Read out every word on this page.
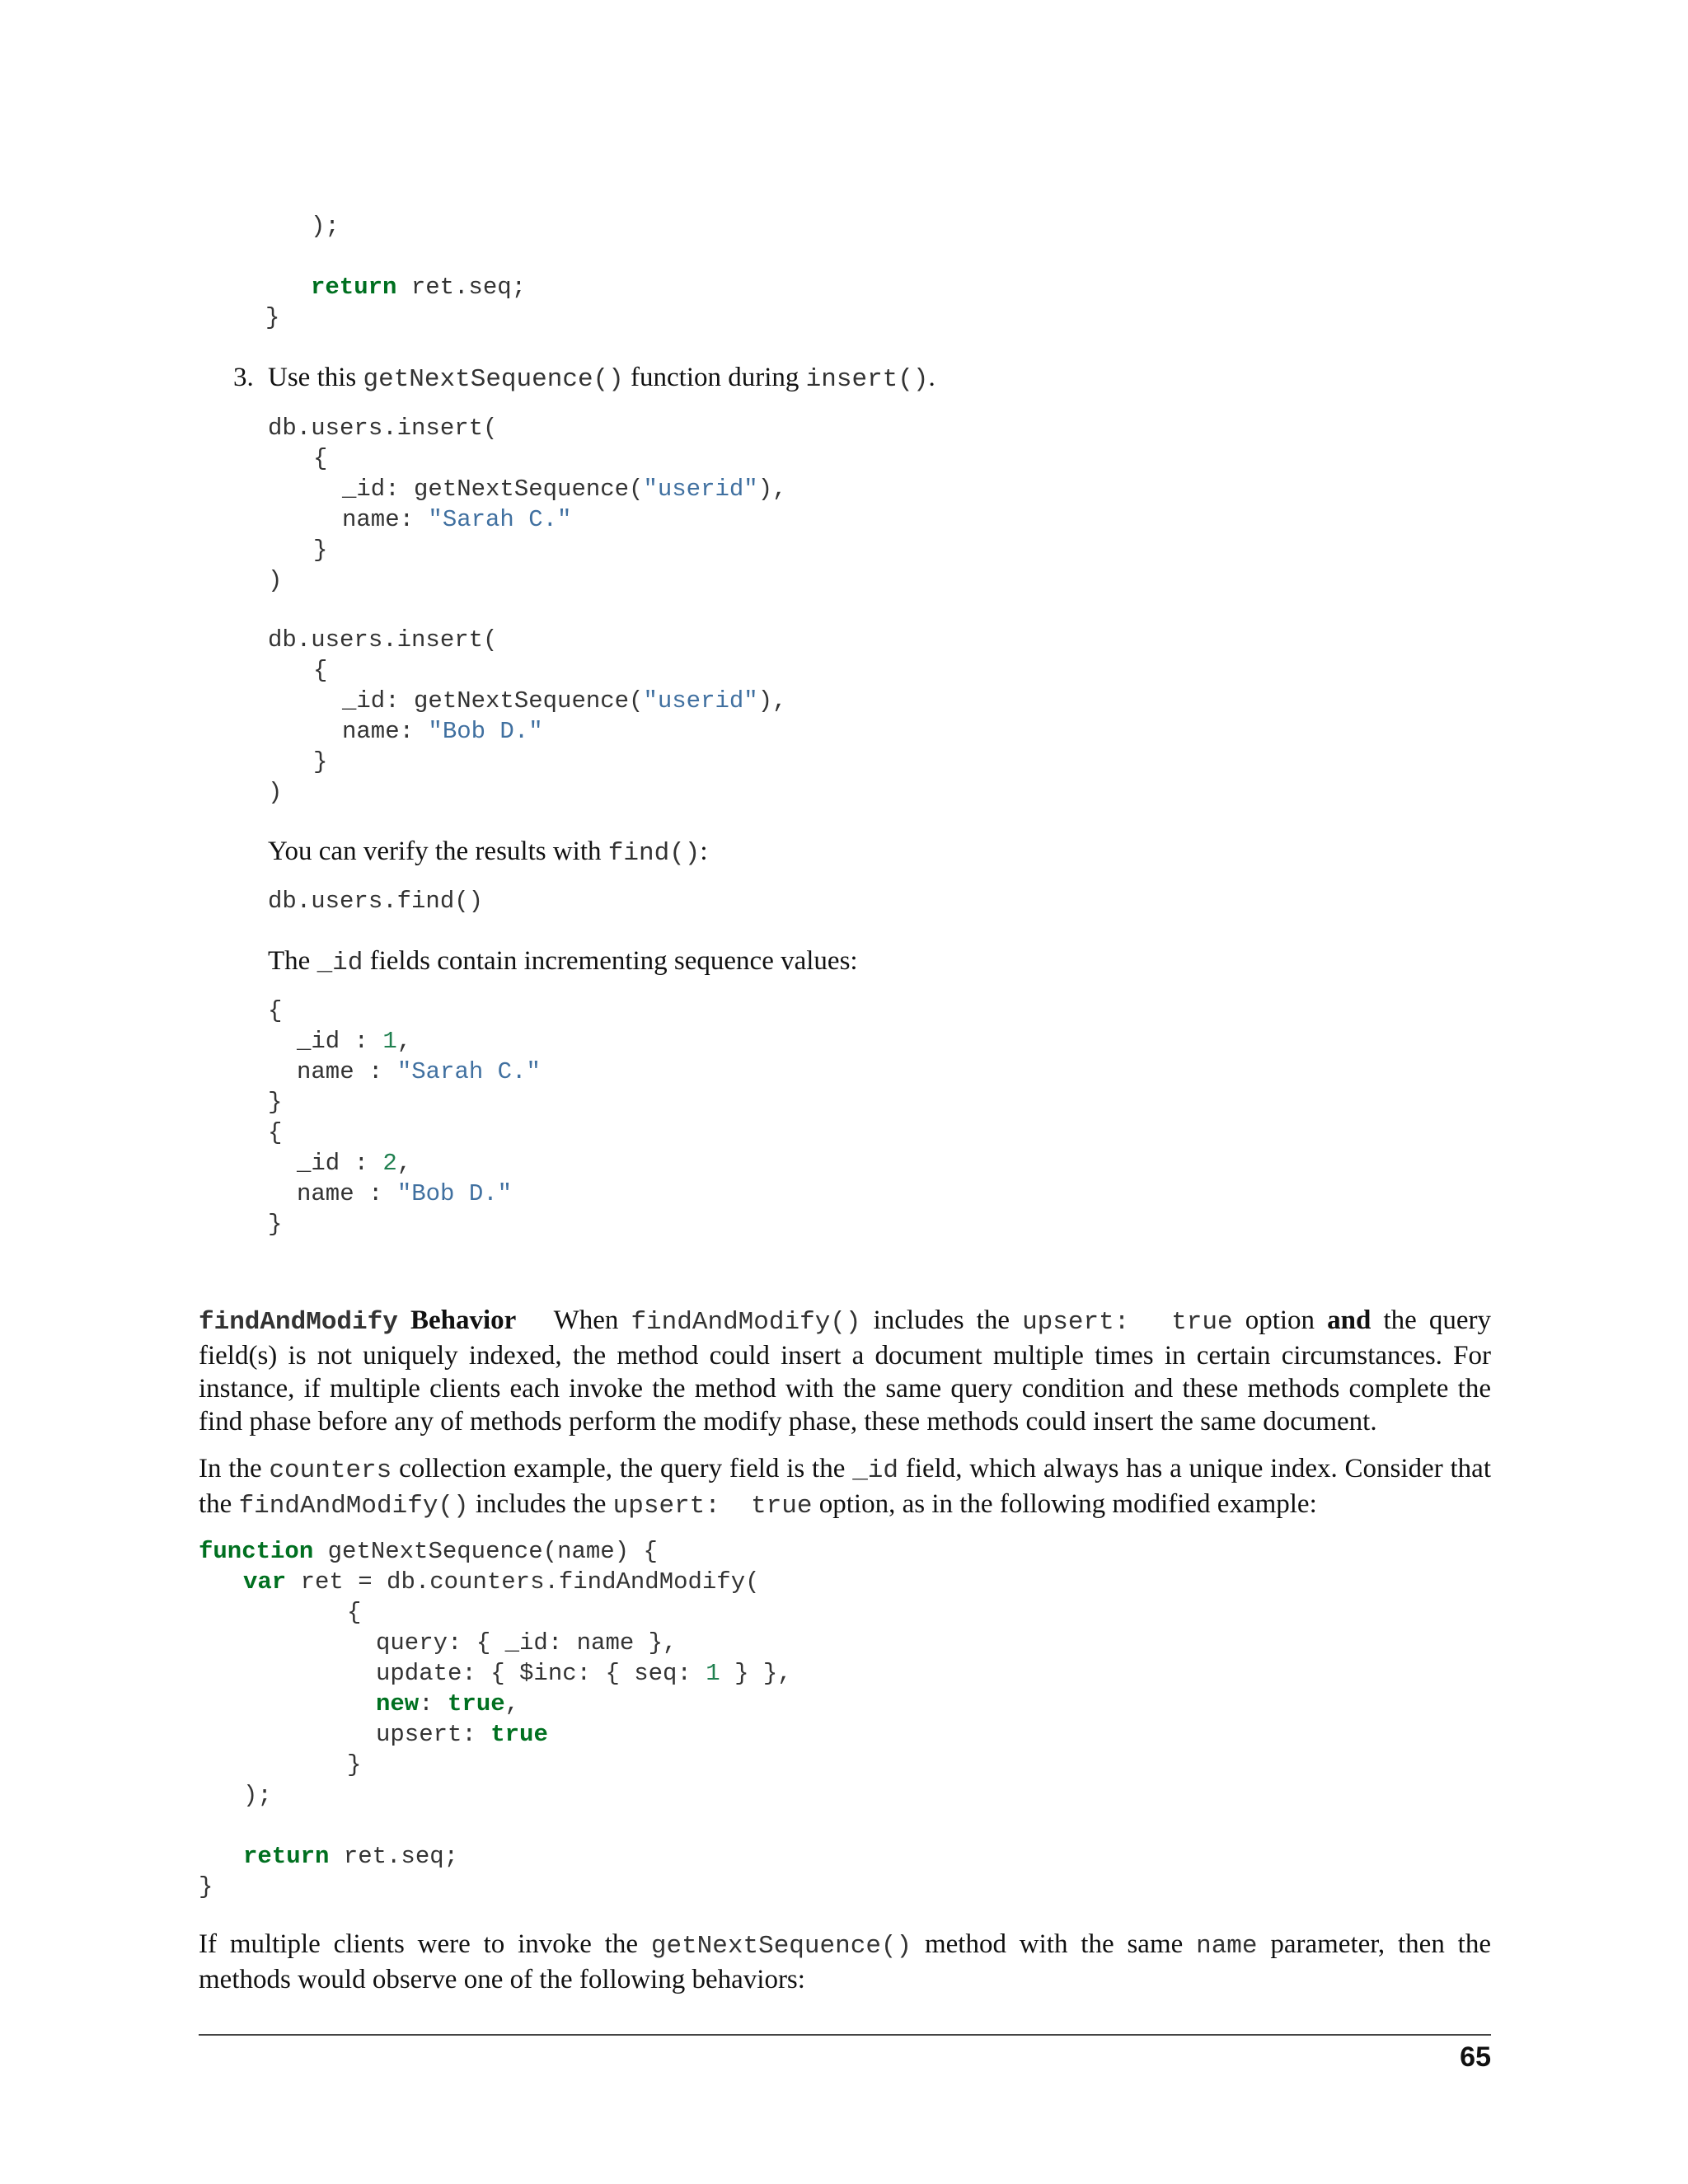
);
return ret.seq;
}
3. Use this getNextSequence() function during insert().

db.users.insert(
{
_id: getNextSequence("userid"),
name: "Sarah C."
}
)
db.users.insert(
{
_id: getNextSequence("userid"),
name: "Bob D."
}
)

You can verify the results with find():

db.users.find()

The _id fields contain incrementing sequence values:

{
_id : 1,
name : "Sarah C."
}
{
_id : 2,
name : "Bob D."
}

findAndModify Behavior When findAndModify() includes the upsert:  true option and the query field(s) is not uniquely indexed, the method could insert a document multiple times in certain circumstances. For instance, if multiple clients each invoke the method with the same query condition and these methods complete the find phase before any of methods perform the modify phase, these methods could insert the same document.

In the counters collection example, the query field is the _id field, which always has a unique index. Consider that the findAndModify() includes the upsert:  true option, as in the following modified example:

function getNextSequence(name) {
var ret = db.counters.findAndModify(
{
query: { _id: name },
update: { $inc: { seq: 1 } },
new: true,
upsert: true
}
);
return ret.seq;
}

If multiple clients were to invoke the getNextSequence() method with the same name parameter, then the methods would observe one of the following behaviors:

65
